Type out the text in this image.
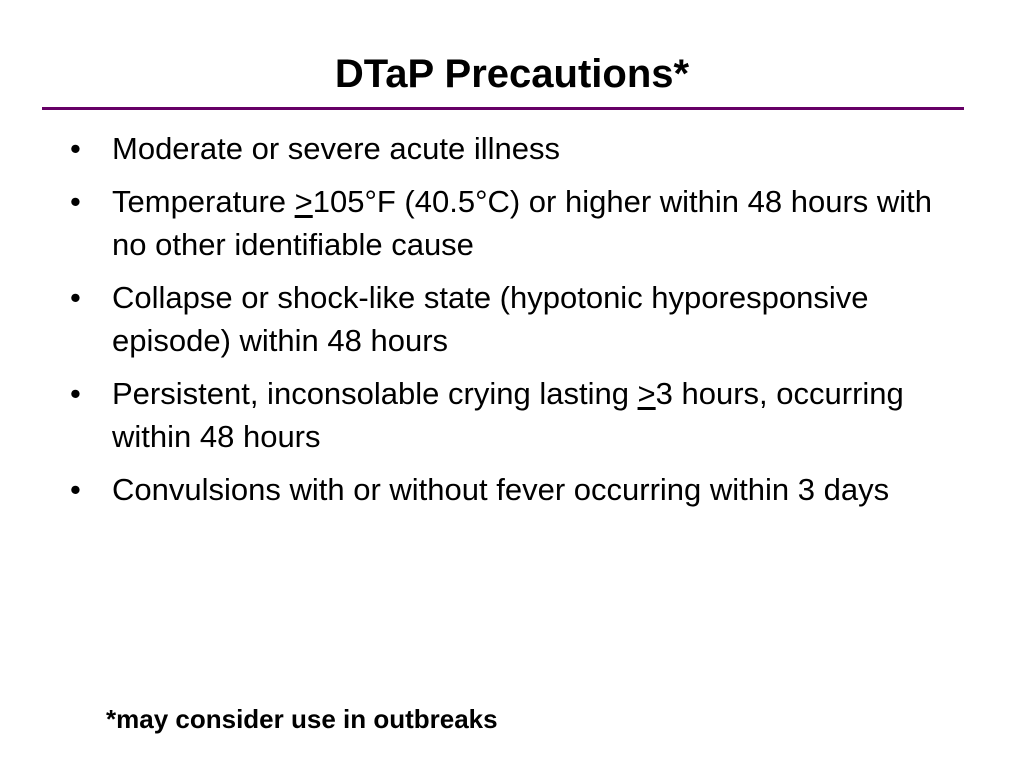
DTaP Precautions*
• Moderate or severe acute illness
• Temperature ≥105°F (40.5°C) or higher within 48 hours with no other identifiable cause
• Collapse or shock-like state (hypotonic hyporesponsive episode) within 48 hours
• Persistent, inconsolable crying lasting ≥3 hours, occurring within 48 hours
• Convulsions with or without fever occurring within 3 days

*may consider use in outbreaks
